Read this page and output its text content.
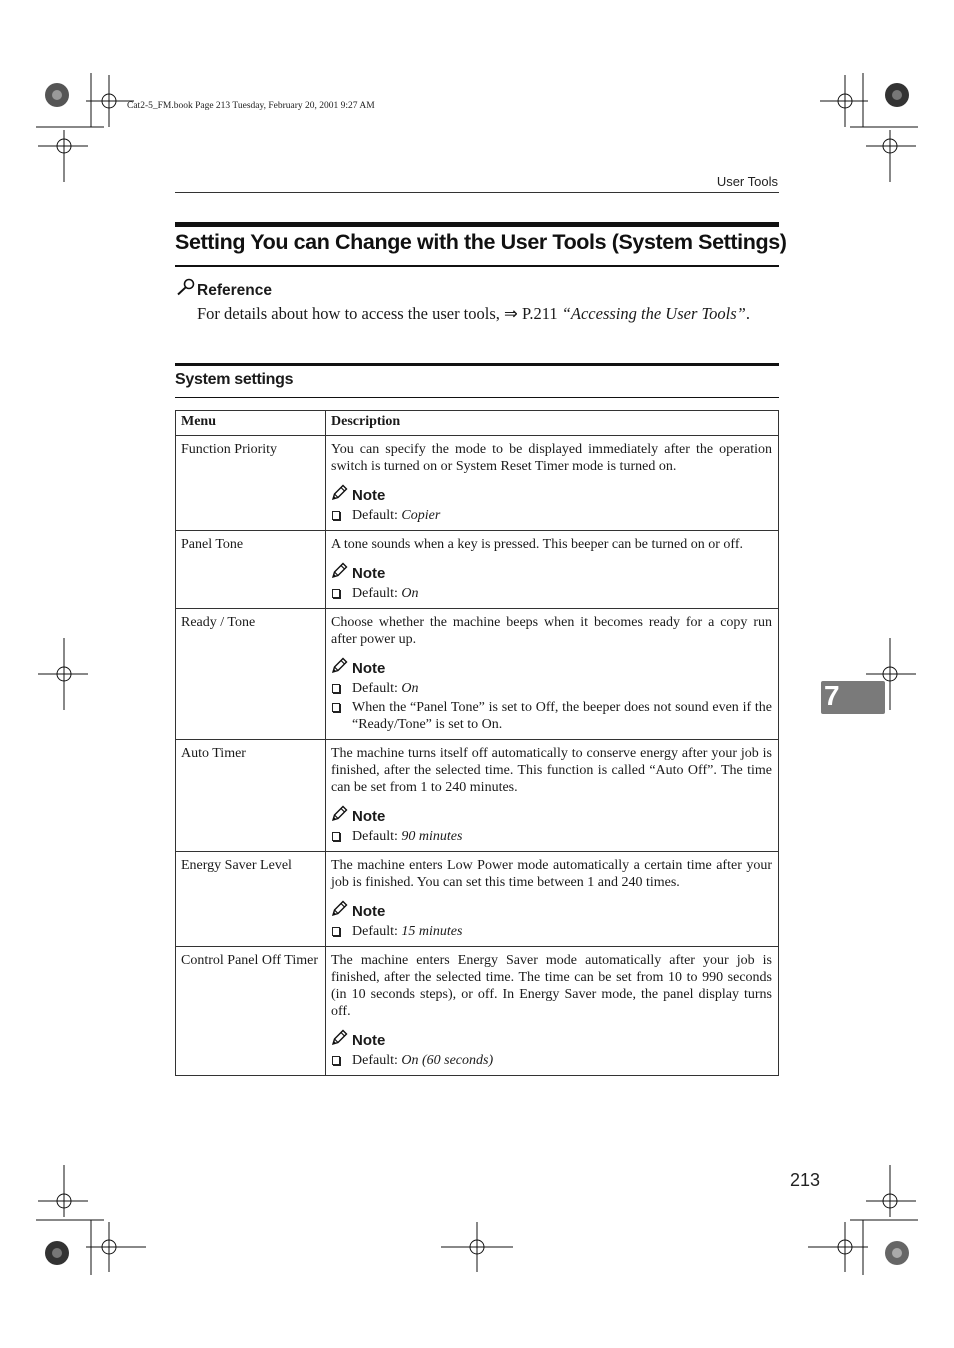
Cat2-5_FM.book Page 213 Tuesday, February 20, 2001 9:27 AM
User Tools
Setting You can Change with the User Tools (System Settings)
Reference
For details about how to access the user tools, ⇒ P.211 “Accessing the User Tools”.
System settings
Menu	Description
Function Priority	You can specify the mode to be displayed immediately after the operation switch is turned on or System Reset Timer mode is turned on.
Note
Default: Copier

Panel Tone	A tone sounds when a key is pressed. This beeper can be turned on or off.
Note
Default: On

Ready / Tone	Choose whether the machine beeps when it becomes ready for a copy run after power up.
Note
Default: On
When the “Panel Tone” is set to Off, the beeper does not sound even if the “Ready/Tone” is set to On.

Auto Timer	The machine turns itself off automatically to conserve energy after your job is finished, after the selected time. This function is called “Auto Off”. The time can be set from 1 to 240 minutes.
Note
Default: 90 minutes

Energy Saver Level	The machine enters Low Power mode automatically a certain time after your job is finished. You can set this time between 1 and 240 times.
Note
Default: 15 minutes

Control Panel Off Timer	The machine enters Energy Saver mode automatically after your job is finished, after the selected time. The time can be set from 10 to 990 seconds (in 10 seconds steps), or off. In Energy Saver mode, the panel display turns off.
Note
Default: On (60 seconds)
7
213
